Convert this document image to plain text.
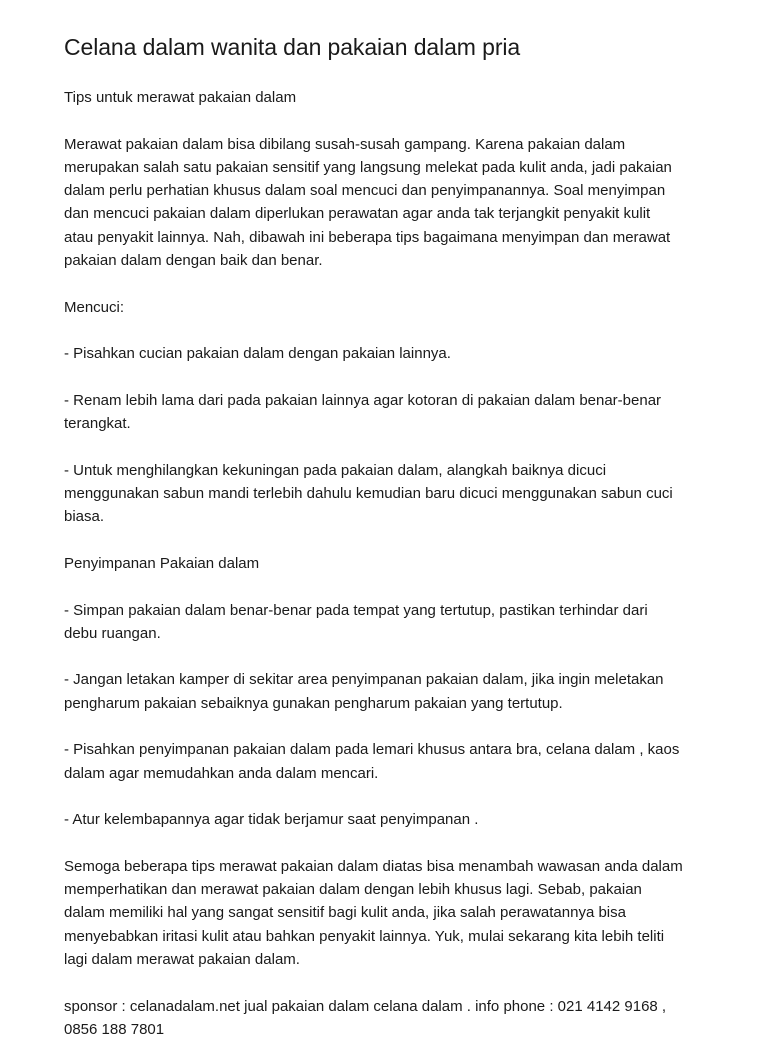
Celana dalam wanita dan pakaian dalam pria
Tips untuk merawat pakaian dalam
Merawat pakaian dalam bisa dibilang susah-susah gampang. Karena pakaian dalam
merupakan salah satu pakaian sensitif yang langsung melekat pada kulit anda, jadi pakaian
dalam perlu perhatian khusus dalam soal mencuci dan penyimpanannya. Soal menyimpan
dan mencuci pakaian dalam diperlukan perawatan agar anda tak terjangkit penyakit kulit
atau penyakit lainnya. Nah, dibawah ini beberapa tips bagaimana menyimpan dan merawat
pakaian dalam dengan baik dan benar.
Mencuci:
- Pisahkan cucian pakaian dalam dengan pakaian lainnya.
- Renam lebih lama dari pada pakaian lainnya agar kotoran di pakaian dalam benar-benar
terangkat.
- Untuk menghilangkan kekuningan pada pakaian dalam, alangkah baiknya dicuci
menggunakan sabun mandi terlebih dahulu kemudian baru dicuci menggunakan sabun cuci
biasa.
Penyimpanan Pakaian dalam
- Simpan pakaian dalam benar-benar pada tempat yang tertutup, pastikan terhindar dari
debu ruangan.
- Jangan letakan kamper di sekitar area penyimpanan pakaian dalam, jika ingin meletakan
pengharum pakaian sebaiknya gunakan pengharum pakaian yang tertutup.
- Pisahkan penyimpanan pakaian dalam pada lemari khusus antara bra, celana dalam , kaos
dalam agar memudahkan anda dalam mencari.
- Atur kelembapannya agar tidak berjamur saat penyimpanan .
Semoga beberapa tips merawat pakaian dalam diatas bisa menambah wawasan anda dalam
memperhatikan dan merawat pakaian dalam dengan lebih khusus lagi. Sebab, pakaian
dalam memiliki hal yang sangat sensitif bagi kulit anda, jika salah perawatannya bisa
menyebabkan iritasi kulit atau bahkan penyakit lainnya. Yuk, mulai sekarang kita lebih teliti
lagi dalam merawat pakaian dalam.
sponsor : celanadalam.net jual pakaian dalam celana dalam . info phone : 021 4142 9168 ,
0856 188 7801
